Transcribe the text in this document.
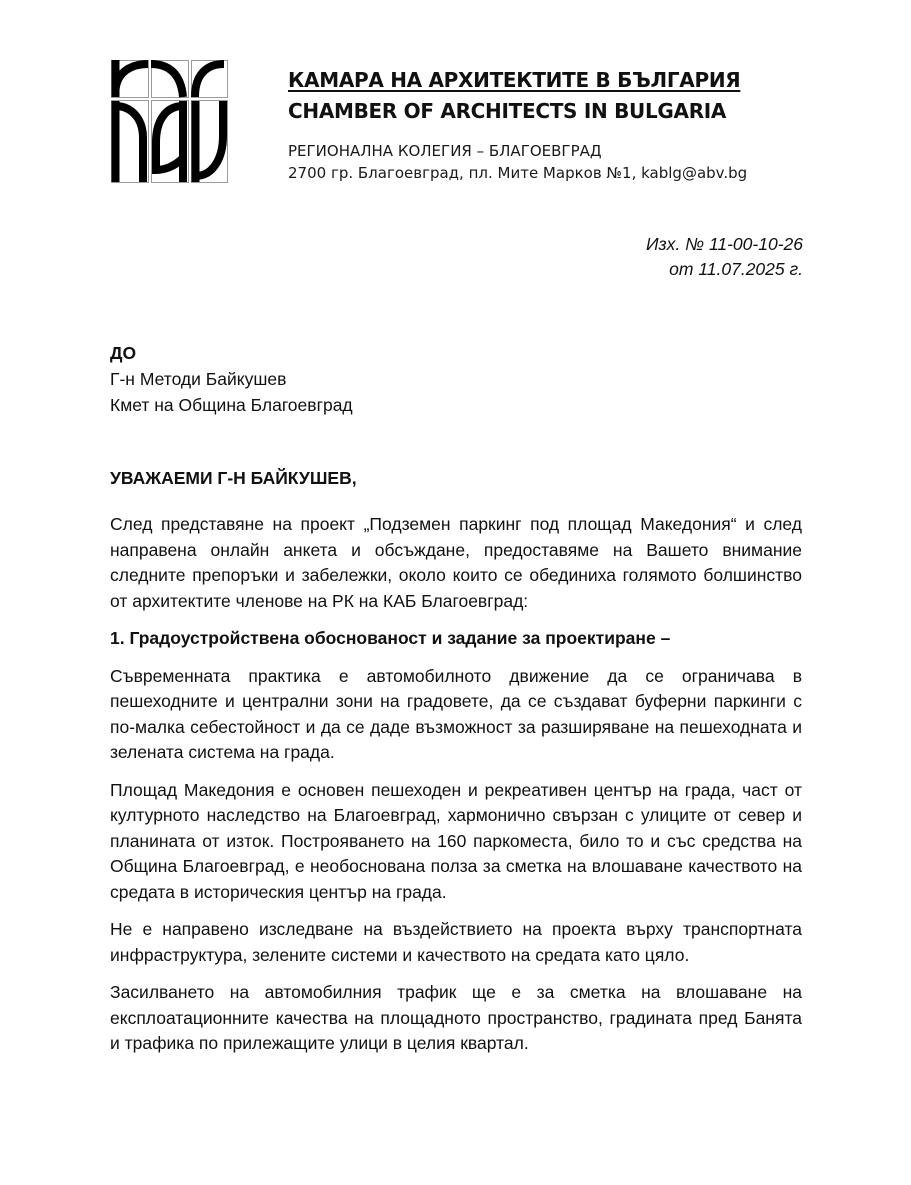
КАМАРА НА АРХИТЕКТИТЕ В БЪЛГАРИЯ
CHAMBER OF ARCHITECTS IN BULGARIA
РЕГИОНАЛНА КОЛЕГИЯ – БЛАГОЕВГРАД
2700 гр. Благоевград, пл. Мите Марков №1, kablg@abv.bg
Изх. № 11-00-10-26
от 11.07.2025 г.
ДО
Г-н Методи Байкушев
Кмет на Община Благоевград
УВАЖАЕМИ Г-Н БАЙКУШЕВ,

След представяне на проект „Подземен паркинг под площад Македония“ и след направена онлайн анкета и обсъждане, предоставяме на Вашето внимание следните препоръки и забележки, около които се обединиха голямото болшинство от архитектите членове на РК на КАБ Благоевград:

1. Градоустройствена обоснованост и задание за проектиране –

Съвременната практика е автомобилното движение да се ограничава в пешеходните и централни зони на градовете, да се създават буферни паркинги с по-малка себестойност и да се даде възможност за разширяване на пешеходната и зелената система на града.

Площад Македония е основен пешеходен и рекреативен център на града, част от културното наследство на Благоевград, хармонично свързан с улиците от север и планината от изток. Построяването на 160 паркоместа, било то и със средства на Община Благоевград, е необоснована полза за сметка на влошаване качеството на средата в историческия център на града.

Не е направено изследване на въздействието на проекта върху транспортната инфраструктура, зелените системи и качеството на средата като цяло.

Засилването на автомобилния трафик ще е за сметка на влошаване на експлоатационните качества на площадното пространство, градината пред Банята и трафика по прилежащите улици в целия квартал.
